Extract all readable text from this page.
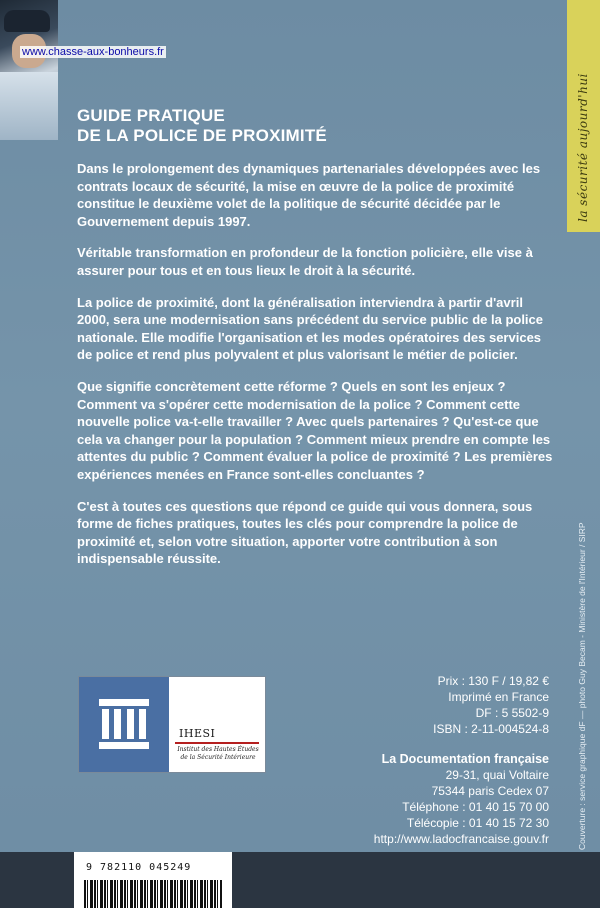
www.chasse-aux-bonheurs.fr
la sécurité aujourd'hui
Couverture : service graphique dF — photo Guy Becam - Ministère de l'Intérieur / SIRP
GUIDE PRATIQUE
DE LA POLICE DE PROXIMITÉ

Dans le prolongement des dynamiques partenariales développées avec les contrats locaux de sécurité, la mise en œuvre de la police de proximité constitue le deuxième volet de la politique de sécurité décidée par le Gouvernement depuis 1997.

Véritable transformation en profondeur de la fonction policière, elle vise à assurer pour tous et en tous lieux le droit à la sécurité.

La police de proximité, dont la généralisation interviendra à partir d'avril 2000, sera une modernisation sans précédent du service public de la police nationale. Elle modifie l'organisation et les modes opératoires des services de police et rend plus polyvalent et plus valorisant le métier de policier.

Que signifie concrètement cette réforme ? Quels en sont les enjeux ? Comment va s'opérer cette modernisation de la police ? Comment cette nouvelle police va-t-elle travailler ? Avec quels partenaires ? Qu'est-ce que cela va changer pour la population ? Comment mieux prendre en compte les attentes du public ? Comment évaluer la police de proximité ? Les premières expériences menées en France sont-elles concluantes ?

C'est à toutes ces questions que répond ce guide qui vous donnera, sous forme de fiches pratiques, toutes les clés pour comprendre la police de proximité et, selon votre situation, apporter votre contribution à son indispensable réussite.

IHESI
Institut des Hautes Études
de la Sécurité Intérieure
Prix : 130 F / 19,82 €
Imprimé en France
DF : 5 5502-9
ISBN : 2-11-004524-8
La Documentation française
29-31, quai Voltaire
75344 paris Cedex 07
Téléphone : 01 40 15 70 00
Télécopie : 01 40 15 72 30
http://www.ladocfrancaise.gouv.fr
9 782110 045249
